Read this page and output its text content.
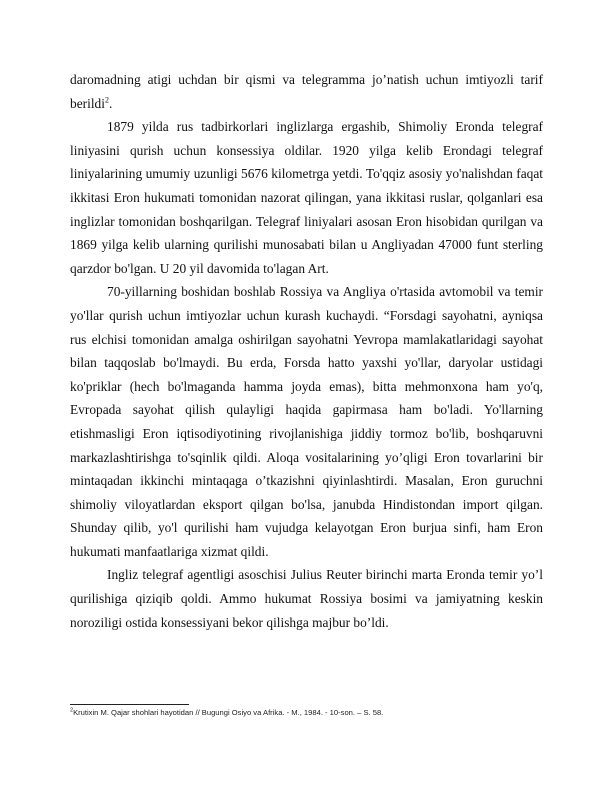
daromadning atigi uchdan bir qismi va telegramma jo’natish uchun imtiyozli tarif berildi$^2$.

1879 yilda rus tadbirkorlari inglizlarga ergashib, Shimoliy Eronda telegraf liniyasini qurish uchun konsessiya oldilar. 1920 yilga kelib Erondagi telegraf liniyalarining umumiy uzunligi 5676 kilometrga yetdi. To'qqiz asosiy yo'nalishdan faqat ikkitasi Eron hukumati tomonidan nazorat qilingan, yana ikkitasi ruslar, qolganlari esa inglizlar tomonidan boshqarilgan. Telegraf liniyalari asosan Eron hisobidan qurilgan va 1869 yilga kelib ularning qurilishi munosabati bilan u Angliyadan 47000 funt sterling qarzdor bo'lgan. U 20 yil davomida to'lagan Art.

70-yillarning boshidan boshlab Rossiya va Angliya o'rtasida avtomobil va temir yo'llar qurish uchun imtiyozlar uchun kurash kuchaydi. “Forsdagi sayohatni, ayniqsa rus elchisi tomonidan amalga oshirilgan sayohatni Yevropa mamlakatlaridagi sayohat bilan taqqoslab bo'lmaydi. Bu erda, Forsda hatto yaxshi yo'llar, daryolar ustidagi ko'priklar (hech bo'lmaganda hamma joyda emas), bitta mehmonxona ham yo'q, Evropada sayohat qilish qulayligi haqida gapirmasa ham bo'ladi. Yo'llarning etishmasligi Eron iqtisodiyotining rivojlanishiga jiddiy tormoz bo'lib, boshqaruvni markazlashtirishga to'sqinlik qildi. Aloqa vositalarining yo’qligi Eron tovarlarini bir mintaqadan ikkinchi mintaqaga o’tkazishni qiyinlashtirdi. Masalan, Eron guruchni shimoliy viloyatlardan eksport qilgan bo'lsa, janubda Hindistondan import qilgan. Shunday qilib, yo'l qurilishi ham vujudga kelayotgan Eron burjua sinfi, ham Eron hukumati manfaatlariga xizmat qildi.

Ingliz telegraf agentligi asoschisi Julius Reuter birinchi marta Eronda temir yo’l qurilishiga qiziqib qoldi. Ammo hukumat Rossiya bosimi va jamiyatning keskin noroziligi ostida konsessiyani bekor qilishga majbur bo’ldi.

$^2$Krutixin M. Qajar shohlari hayotidan // Bugungi Osiyo va Afrika. - M., 1984. - 10-son. – S. 58.
